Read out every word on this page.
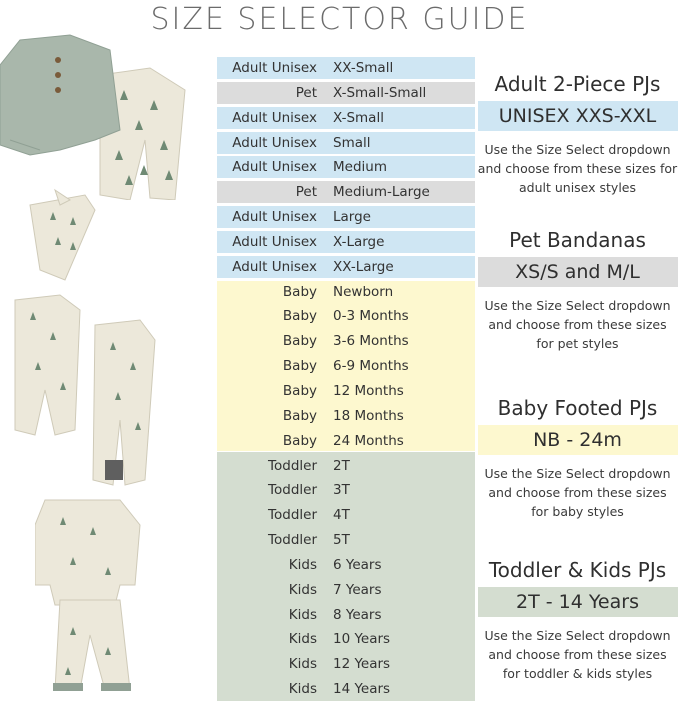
SIZE SELECTOR GUIDE
Adult Unisex XX-Small
Pet X-Small-Small
Adult Unisex X-Small
Adult Unisex Small
Adult Unisex Medium
Pet Medium-Large
Adult Unisex Large
Adult Unisex X-Large
Adult Unisex XX-Large
Baby Newborn
Baby 0-3 Months
Baby 3-6 Months
Baby 6-9 Months
Baby 12 Months
Baby 18 Months
Baby 24 Months
Toddler 2T
Toddler 3T
Toddler 4T
Toddler 5T
Kids 6 Years
Kids 7 Years
Kids 8 Years
Kids 10 Years
Kids 12 Years
Kids 14 Years
Adult 2-Piece PJs
UNISEX XXS-XXL
Use the Size Select dropdown
and choose from these sizes for
adult unisex styles
Pet Bandanas
XS/S and M/L
Use the Size Select dropdown
and choose from these sizes
for pet styles
Baby Footed PJs
NB - 24m
Use the Size Select dropdown
and choose from these sizes
for baby styles
Toddler & Kids PJs
2T - 14 Years
Use the Size Select dropdown
and choose from these sizes
for toddler & kids styles
